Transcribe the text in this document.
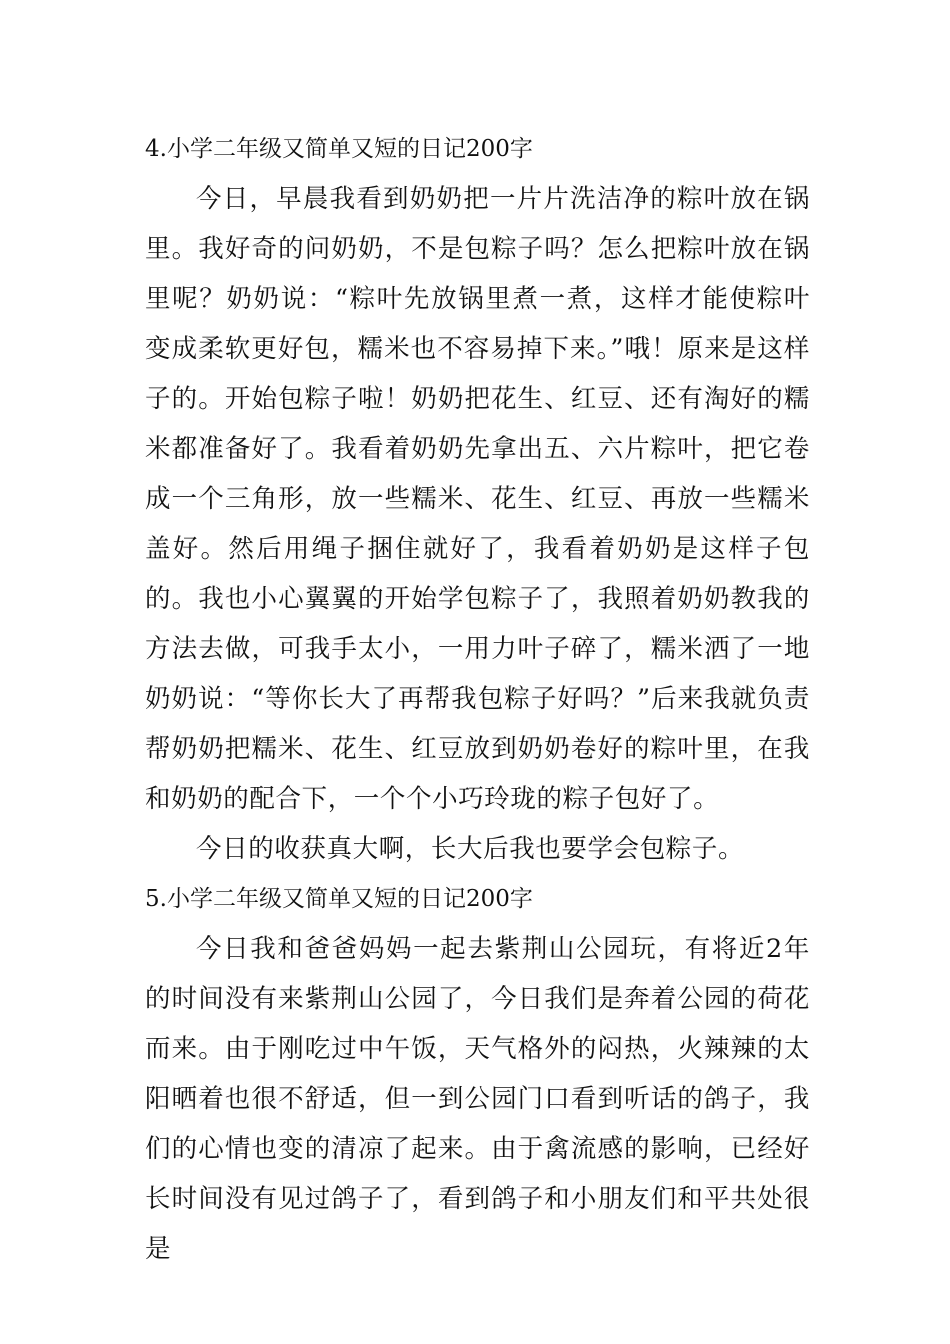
4.小学二年级又简单又短的日记200字

今日，早晨我看到奶奶把一片片洗洁净的粽叶放在锅里。我好奇的问奶奶，不是包粽子吗？怎么把粽叶放在锅里呢？奶奶说：“粽叶先放锅里煮一煮，这样才能使粽叶变成柔软更好包，糯米也不容易掉下来。”哦！原来是这样子的。开始包粽子啦！奶奶把花生、红豆、还有淘好的糯米都准备好了。我看着奶奶先拿出五、六片粽叶，把它卷成一个三角形，放一些糯米、花生、红豆、再放一些糯米盖好。然后用绳子捆住就好了，我看着奶奶是这样子包的。我也小心翼翼的开始学包粽子了，我照着奶奶教我的方法去做，可我手太小，一用力叶子碎了，糯米洒了一地奶奶说：“等你长大了再帮我包粽子好吗？”后来我就负责帮奶奶把糯米、花生、红豆放到奶奶卷好的粽叶里，在我和奶奶的配合下，一个个小巧玲珑的粽子包好了。

今日的收获真大啊，长大后我也要学会包粽子。

5.小学二年级又简单又短的日记200字

今日我和爸爸妈妈一起去紫荆山公园玩，有将近2年的时间没有来紫荆山公园了，今日我们是奔着公园的荷花而来。由于刚吃过中午饭，天气格外的闷热，火辣辣的太阳晒着也很不舒适，但一到公园门口看到听话的鸽子，我们的心情也变的清凉了起来。由于禽流感的影响，已经好长时间没有见过鸽子了，看到鸽子和小朋友们和平共处很是
